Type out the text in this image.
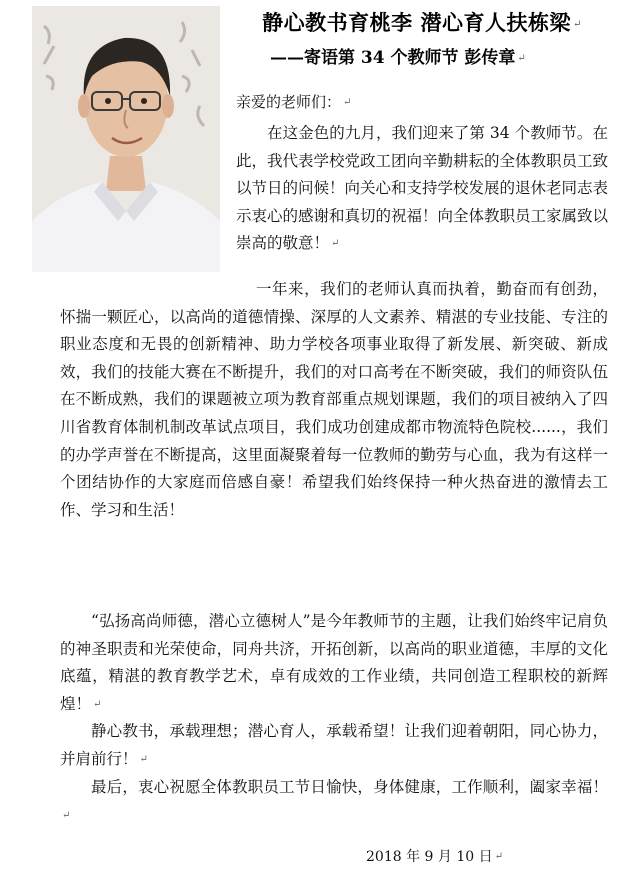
静心教书育桃李 潜心育人扶栋梁 ↵
——寄语第 34 个教师节 彭传章 ↵
亲爱的老师们： ↵
在这金色的九月，我们迎来了第 34 个教师节。在此，我代表学校党政工团向辛勤耕耘的全体教职员工致以节日的问候！向关心和支持学校发展的退休老同志表示衷心的感谢和真切的祝福！向全体教职员工家属致以崇高的敬意！ ↵
一年来，我们的老师认真而执着，勤奋而有创劲，怀揣一颗匠心，以高尚的道德情操、深厚的人文素养、精湛的专业技能、专注的职业态度和无畏的创新精神、助力学校各项事业取得了新发展、新突破、新成效，我们的技能大赛在不断提升，我们的对口高考在不断突破，我们的师资队伍在不断成熟，我们的课题被立项为教育部重点规划课题，我们的项目被纳入了四川省教育体制机制改革试点项目，我们成功创建成都市物流特色院校......，我们的办学声誉在不断提高，这里面凝聚着每一位教师的勤劳与心血，我为有这样一个团结协作的大家庭而倍感自豪！希望我们始终保持一种火热奋进的激情去工作、学习和生活！
“弘扬高尚师德，潜心立德树人”是今年教师节的主题，让我们始终牢记肩负的神圣职责和光荣使命，同舟共济，开拓创新，以高尚的职业道德，丰厚的文化底蕴，精湛的教育教学艺术，卓有成效的工作业绩，共同创造工程职校的新辉煌！ ↵
静心教书，承载理想；潜心育人，承载希望！让我们迎着朝阳，同心协力，并肩前行！ ↵
最后，衷心祝愿全体教职员工节日愉快，身体健康，工作顺利，阖家幸福！↵
2018 年 9 月 10 日 ↵
